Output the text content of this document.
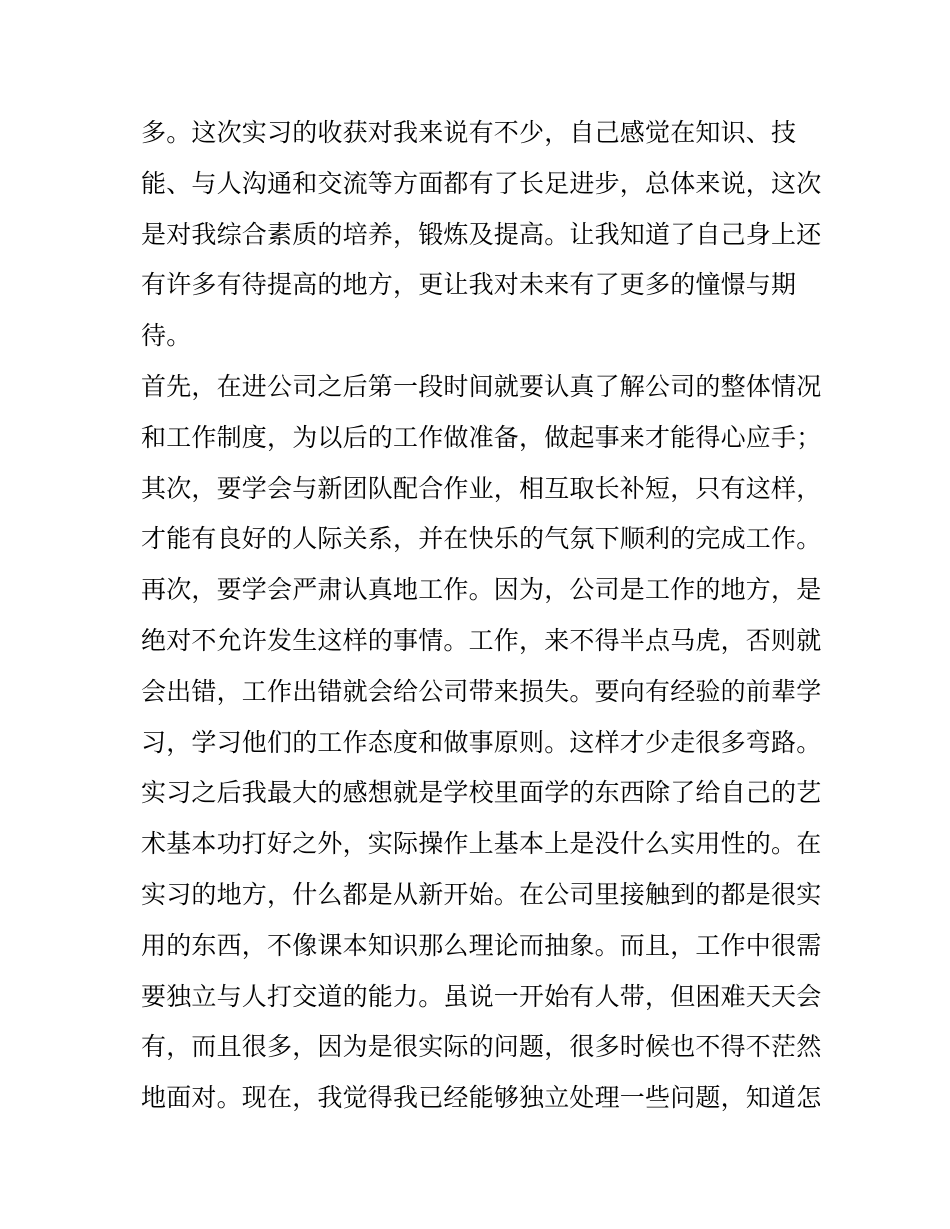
多。这次实习的收获对我来说有不少，自己感觉在知识、技
能、与人沟通和交流等方面都有了长足进步，总体来说，这次
是对我综合素质的培养，锻炼及提高。让我知道了自己身上还
有许多有待提高的地方，更让我对未来有了更多的憧憬与期
待。
首先，在进公司之后第一段时间就要认真了解公司的整体情况
和工作制度，为以后的工作做准备，做起事来才能得心应手；
其次，要学会与新团队配合作业，相互取长补短，只有这样，
才能有良好的人际关系，并在快乐的气氛下顺利的完成工作。
再次，要学会严肃认真地工作。因为，公司是工作的地方，是
绝对不允许发生这样的事情。工作，来不得半点马虎，否则就
会出错，工作出错就会给公司带来损失。要向有经验的前辈学
习，学习他们的工作态度和做事原则。这样才少走很多弯路。
实习之后我最大的感想就是学校里面学的东西除了给自己的艺
术基本功打好之外，实际操作上基本上是没什么实用性的。在
实习的地方，什么都是从新开始。在公司里接触到的都是很实
用的东西，不像课本知识那么理论而抽象。而且，工作中很需
要独立与人打交道的能力。虽说一开始有人带，但困难天天会
有，而且很多，因为是很实际的问题，很多时候也不得不茫然
地面对。现在，我觉得我已经能够独立处理一些问题，知道怎
